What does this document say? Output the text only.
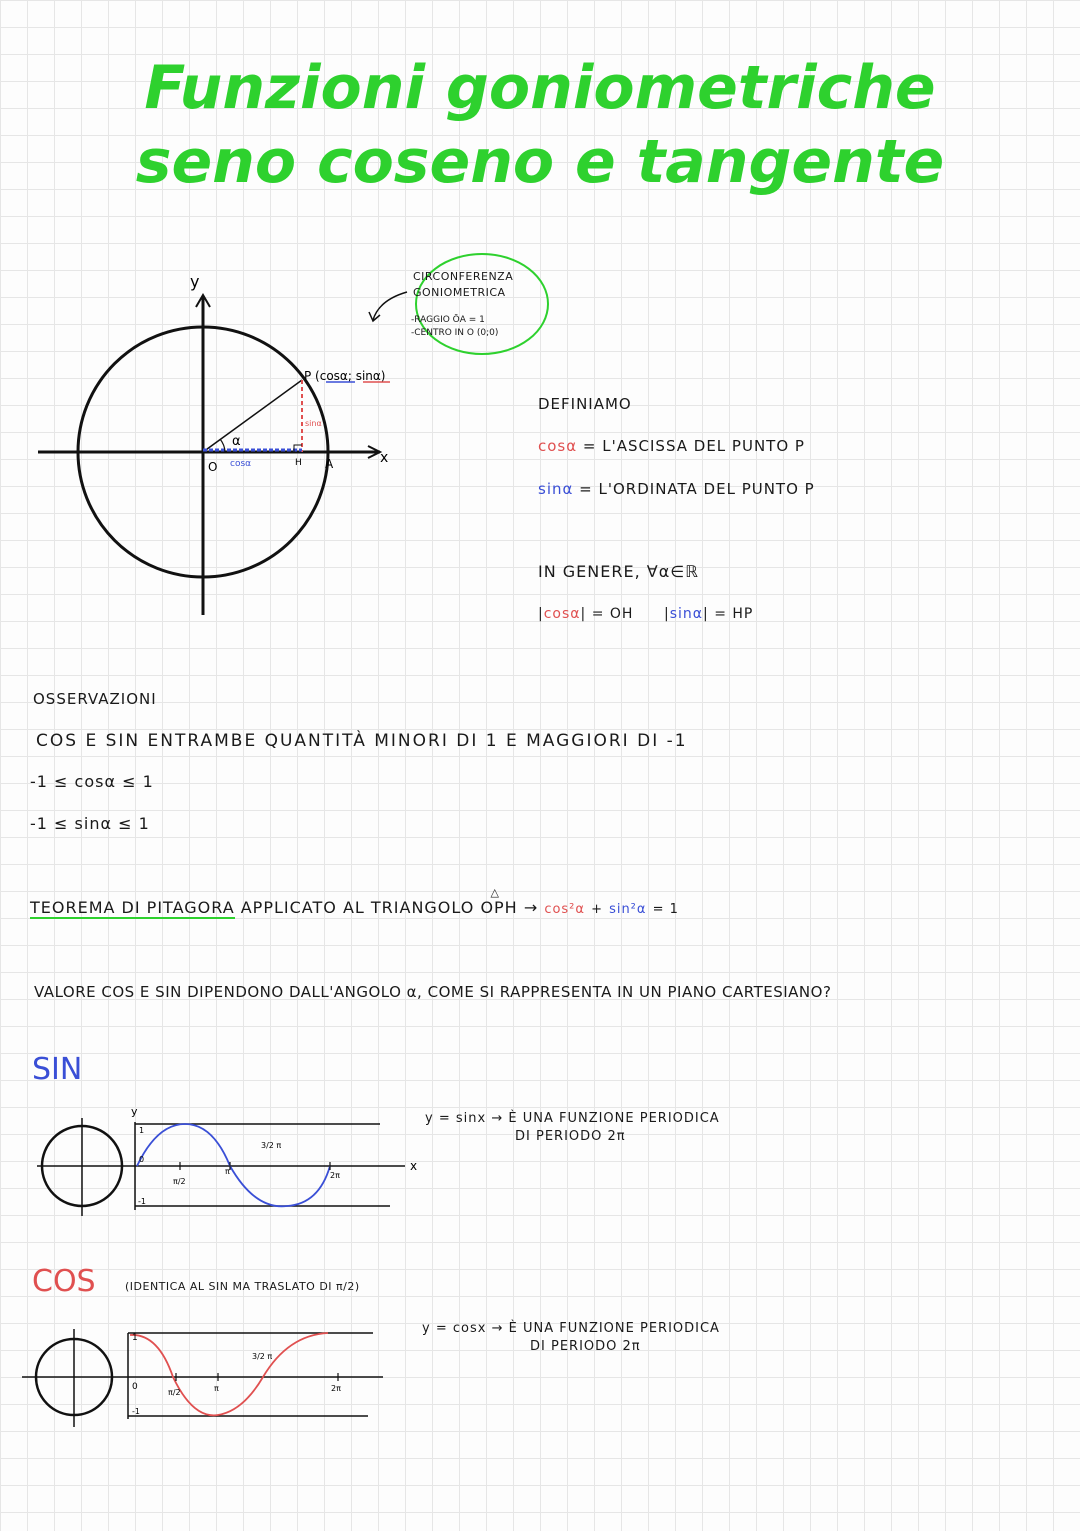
Funzioni goniometriche
seno coseno e tangente
y
x
P (cosα; sinα)
α
O	H A
cosα
sinα
CIRCONFERENZA
GONIOMETRICA
-RAGGIO ŌA = 1
-CENTRO IN O (0;0)
DEFINIAMO
cosα = L'ASCISSA DEL PUNTO P
sinα = L'ORDINATA DEL PUNTO P
IN GENERE, ∀α∈ℝ
|cosα| = OH |sinα| = HP
OSSERVAZIONI
COS E SIN ENTRAMBE QUANTITÀ MINORI DI 1 E MAGGIORI DI -1
-1 ≤ cosα ≤ 1
-1 ≤ sinα ≤ 1
TEOREMA DI PITAGORA APPLICATO AL TRIANGOLO
△
OPH → cos²α + sin²α = 1
VALORE COS E SIN DIPENDONO DALL'ANGOLO α, COME SI RAPPRESENTA IN UN PIANO CARTESIANO?
SIN
y
x
1
-1
0
π/2
π
3/2 π
2π
y = sinx → È UNA FUNZIONE PERIODICA
DI PERIODO 2π
COS	(IDENTICA AL SIN MA TRASLATO DI π/2)
1
0
-1
π/2	π
3/2 π
2π
y = cosx → È UNA FUNZIONE PERIODICA
DI PERIODO 2π
